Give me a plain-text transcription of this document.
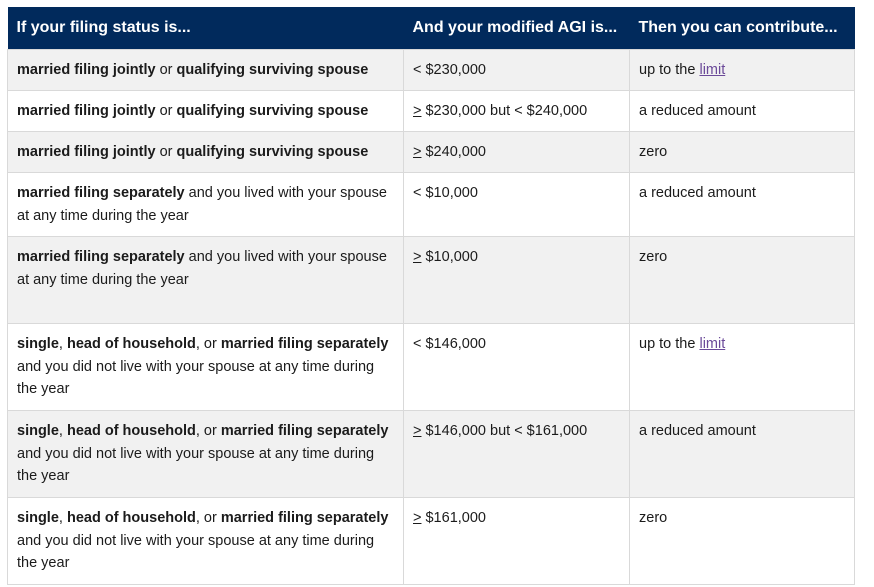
If your filing status is...	And your modified AGI is...	Then you can contribute...
married filing jointly or qualifying surviving spouse	< $230,000	up to the limit
married filing jointly or qualifying surviving spouse	≥ $230,000 but < $240,000	a reduced amount
married filing jointly or qualifying surviving spouse	≥ $240,000	zero
married filing separately and you lived with your spouse at any time during the year	< $10,000	a reduced amount
married filing separately and you lived with your spouse at any time during the year	≥ $10,000	zero
single, head of household, or married filing separately and you did not live with your spouse at any time during the year	< $146,000	up to the limit
single, head of household, or married filing separately and you did not live with your spouse at any time during the year	≥ $146,000 but < $161,000	a reduced amount
single, head of household, or married filing separately and you did not live with your spouse at any time during the year	≥ $161,000	zero
